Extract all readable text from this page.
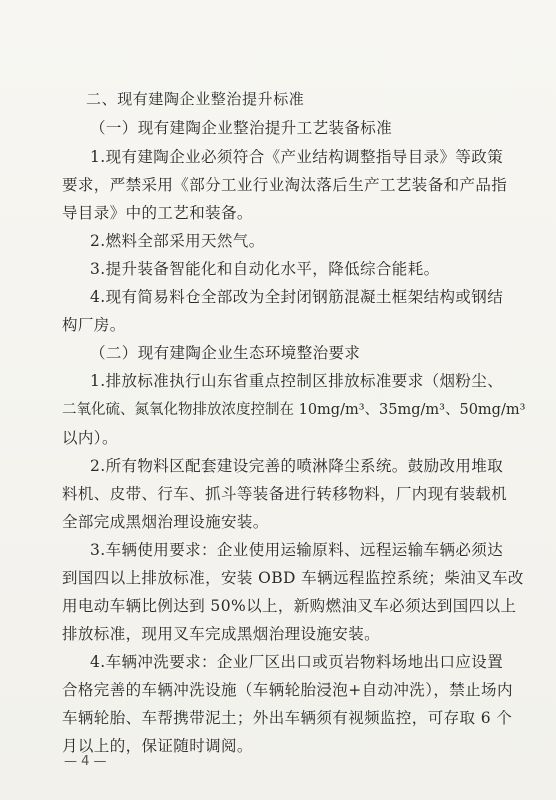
二、现有建陶企业整治提升标准
（一）现有建陶企业整治提升工艺装备标准
1.现有建陶企业必须符合《产业结构调整指导目录》等政策
要求，严禁采用《部分工业行业淘汰落后生产工艺装备和产品指
导目录》中的工艺和装备。
2.燃料全部采用天然气。
3.提升装备智能化和自动化水平，降低综合能耗。
4.现有简易料仓全部改为全封闭钢筋混凝土框架结构或钢结
构厂房。
（二）现有建陶企业生态环境整治要求
1.排放标准执行山东省重点控制区排放标准要求（烟粉尘、
二氧化硫、氮氧化物排放浓度控制在 10mg/m³、35mg/m³、50mg/m³
以内）。
2.所有物料区配套建设完善的喷淋降尘系统。鼓励改用堆取
料机、皮带、行车、抓斗等装备进行转移物料，厂内现有装载机
全部完成黑烟治理设施安装。
3.车辆使用要求：企业使用运输原料、远程运输车辆必须达
到国四以上排放标准，安装 OBD 车辆远程监控系统；柴油叉车改
用电动车辆比例达到 50%以上，新购燃油叉车必须达到国四以上
排放标准，现用叉车完成黑烟治理设施安装。
4.车辆冲洗要求：企业厂区出口或页岩物料场地出口应设置
合格完善的车辆冲洗设施（车辆轮胎浸泡+自动冲洗），禁止场内
车辆轮胎、车帮携带泥土；外出车辆须有视频监控，可存取 6 个
月以上的，保证随时调阅。
— 4 —
